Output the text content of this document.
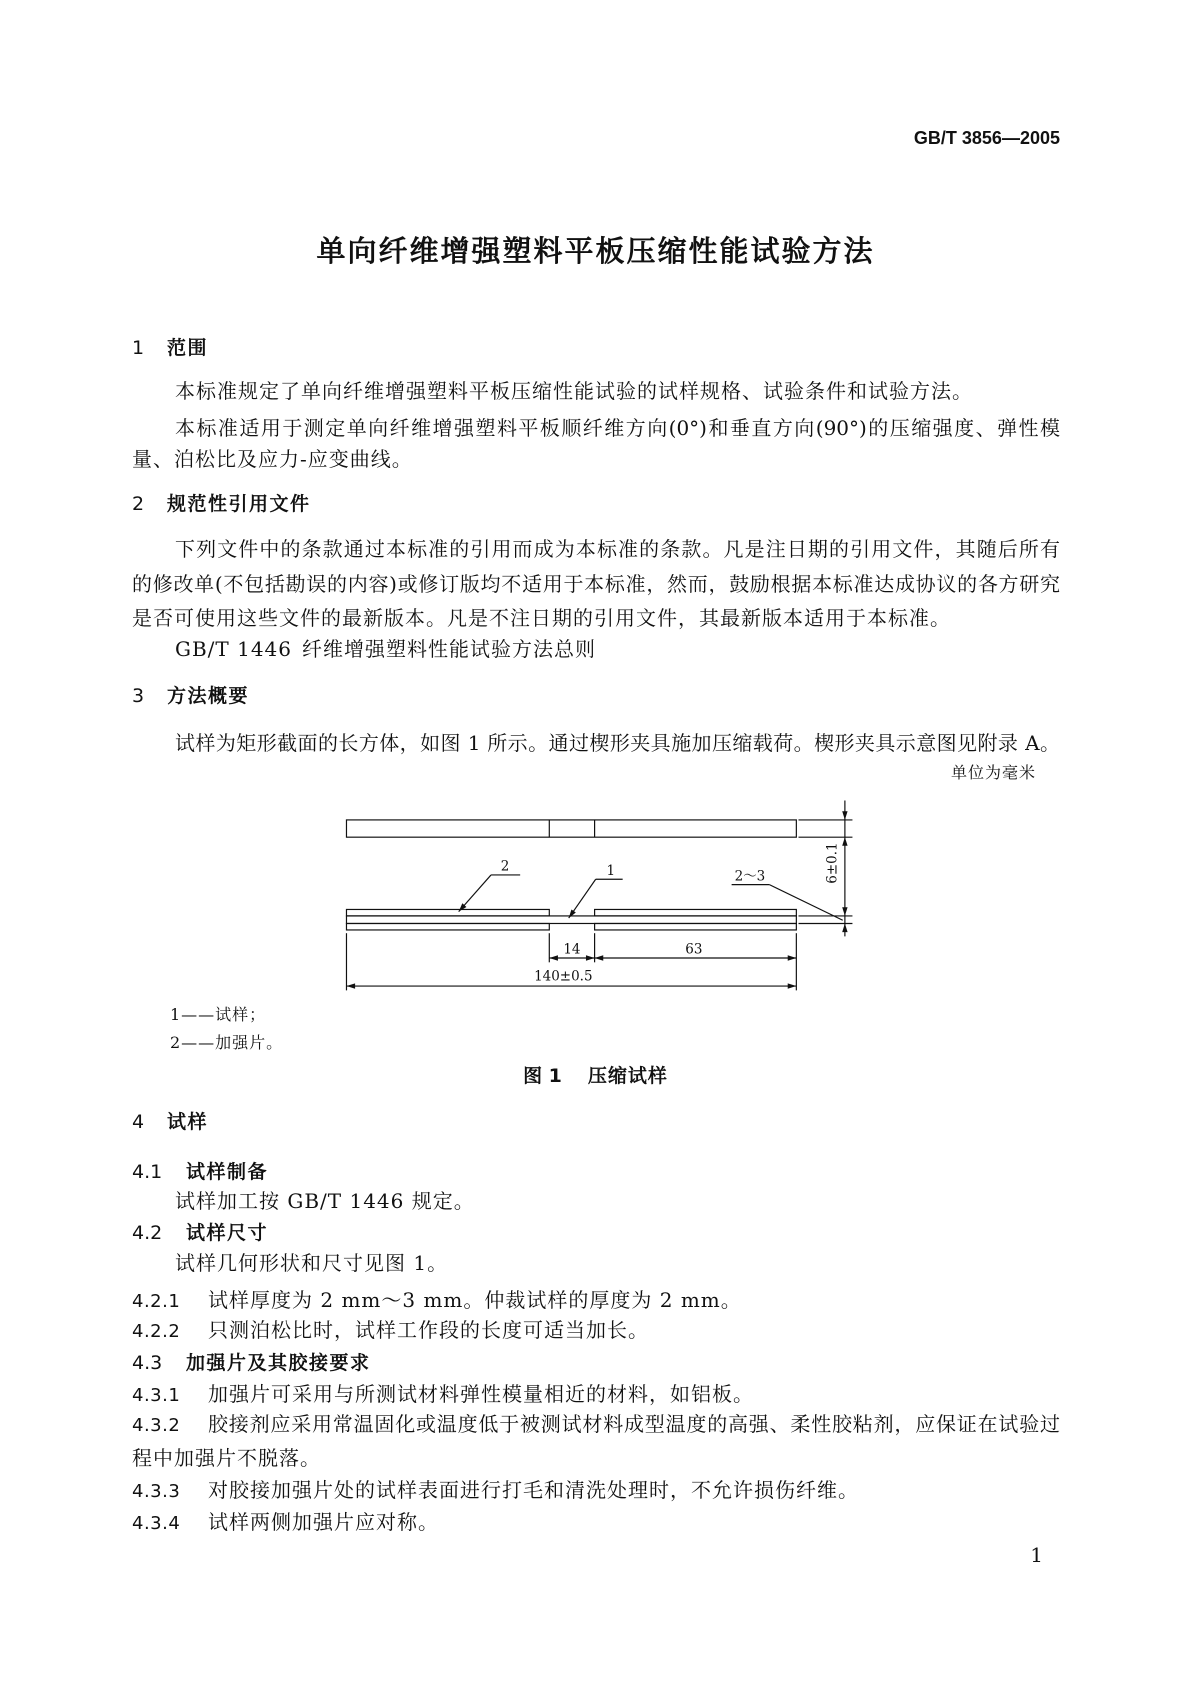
GB/T 3856—2005
单向纤维增强塑料平板压缩性能试验方法
1 范围
本标准规定了单向纤维增强塑料平板压缩性能试验的试样规格、试验条件和试验方法。
本标准适用于测定单向纤维增强塑料平板顺纤维方向(0°)和垂直方向(90°)的压缩强度、弹性模
量、泊松比及应力-应变曲线。
2 规范性引用文件
下列文件中的条款通过本标准的引用而成为本标准的条款。凡是注日期的引用文件，其随后所有
的修改单(不包括勘误的内容)或修订版均不适用于本标准，然而，鼓励根据本标准达成协议的各方研究
是否可使用这些文件的最新版本。凡是不注日期的引用文件，其最新版本适用于本标准。
GB/T 1446 纤维增强塑料性能试验方法总则
3 方法概要
试样为矩形截面的长方体，如图 1 所示。通过楔形夹具施加压缩载荷。楔形夹具示意图见附录 A。
单位为毫米
6±0.1
2	1	2～3
14	63
140±0.5
1——试样；
2——加强片。
图 1 压缩试样
4 试样
4.1 试样制备
试样加工按 GB/T 1446 规定。
4.2 试样尺寸
试样几何形状和尺寸见图 1。
4.2.1 试样厚度为 2 mm～3 mm。仲裁试样的厚度为 2 mm。
4.2.2 只测泊松比时，试样工作段的长度可适当加长。
4.3 加强片及其胶接要求
4.3.1 加强片可采用与所测试材料弹性模量相近的材料，如铝板。
4.3.2	胶接剂应采用常温固化或温度低于被测试材料成型温度的高强、柔性胶粘剂，应保证在试验过
程中加强片不脱落。
4.3.3 对胶接加强片处的试样表面进行打毛和清洗处理时，不允许损伤纤维。
4.3.4 试样两侧加强片应对称。
1
